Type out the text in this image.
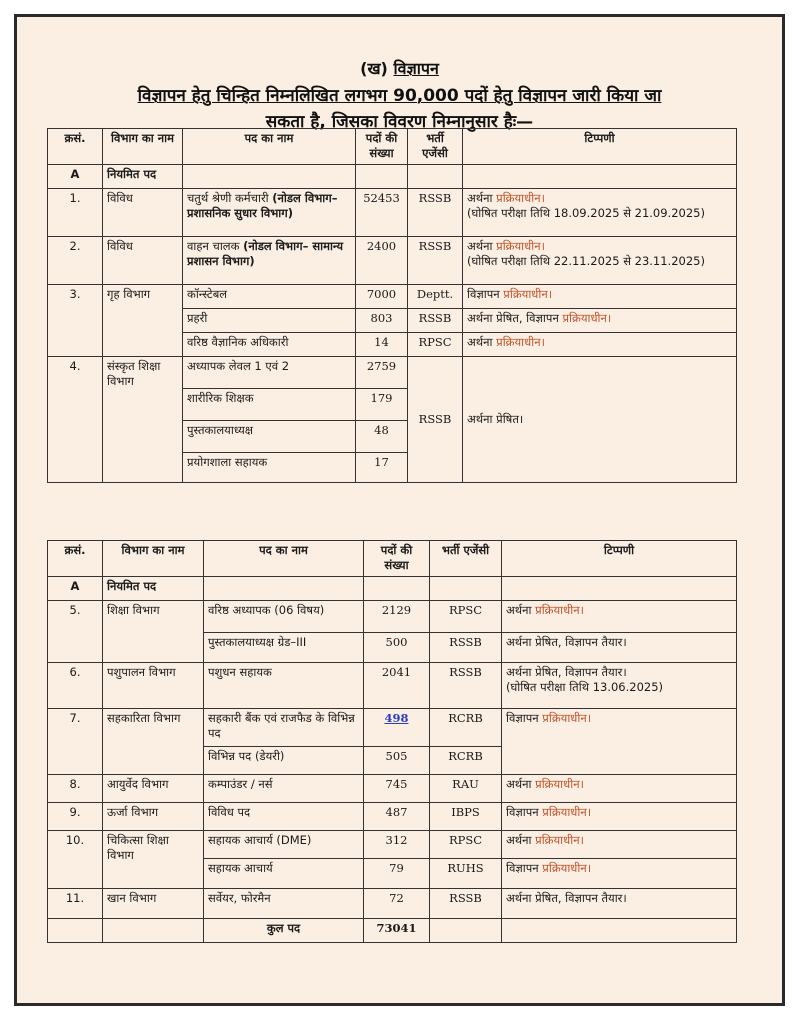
(ख) विज्ञापन
विज्ञापन हेतु चिन्हित निम्नलिखित लगभग 90,000 पदों हेतु विज्ञापन जारी किया जा
सकता है, जिसका विवरण निम्नानुसार हैः—
क्रसं.	विभाग का नाम	पद का नाम	पदों की संख्या	भर्ती एजेंसी	टिप्पणी
A	नियमित पद				
1.	विविध	चतुर्थ श्रेणी कर्मचारी (नोडल विभाग– प्रशासनिक सुधार विभाग)	52453	RSSB	अर्थना प्रक्रियाधीन।
(घोषित परीक्षा तिथि 18.09.2025 से 21.09.2025)
2.	विविध	वाहन चालक (नोडल विभाग– सामान्य प्रशासन विभाग)	2400	RSSB	अर्थना प्रक्रियाधीन।
(घोषित परीक्षा तिथि 22.11.2025 से 23.11.2025)
3.	गृह विभाग	कॉन्स्टेबल	7000	Deptt.	विज्ञापन प्रक्रियाधीन।
		प्रहरी	803	RSSB	अर्थना प्रेषित, विज्ञापन प्रक्रियाधीन।
		वरिष्ठ वैज्ञानिक अधिकारी	14	RPSC	अर्थना प्रक्रियाधीन।
4.	संस्कृत शिक्षा विभाग	अध्यापक लेवल 1 एवं 2	2759	RSSB	अर्थना प्रेषित।
		शारीरिक शिक्षक	179		
		पुस्तकालयाध्यक्ष	48		
		प्रयोगशाला सहायक	17		
क्रसं.	विभाग का नाम	पद का नाम	पदों की संख्या	भर्ती एजेंसी	टिप्पणी
A	नियमित पद				
5.	शिक्षा विभाग	वरिष्ठ अध्यापक (06 विषय)	2129	RPSC	अर्थना प्रक्रियाधीन।
		पुस्तकालयाध्यक्ष ग्रेड–III	500	RSSB	अर्थना प्रेषित, विज्ञापन तैयार।
6.	पशुपालन विभाग	पशुधन सहायक	2041	RSSB	अर्थना प्रेषित, विज्ञापन तैयार।
(घोषित परीक्षा तिथि 13.06.2025)
7.	सहकारिता विभाग	सहकारी बैंक एवं राजफैड के विभिन्न पद	498	RCRB	विज्ञापन प्रक्रियाधीन।
		विभिन्न पद (डेयरी)	505	RCRB	
8.	आयुर्वेद विभाग	कम्पाउंडर / नर्स	745	RAU	अर्थना प्रक्रियाधीन।
9.	ऊर्जा विभाग	विविध पद	487	IBPS	विज्ञापन प्रक्रियाधीन।
10.	चिकित्सा शिक्षा विभाग	सहायक आचार्य (DME)	312	RPSC	अर्थना प्रक्रियाधीन।
		सहायक आचार्य	79	RUHS	विज्ञापन प्रक्रियाधीन।
11.	खान विभाग	सर्वेयर, फोरमैन	72	RSSB	अर्थना प्रेषित, विज्ञापन तैयार।
		कुल पद	73041		
